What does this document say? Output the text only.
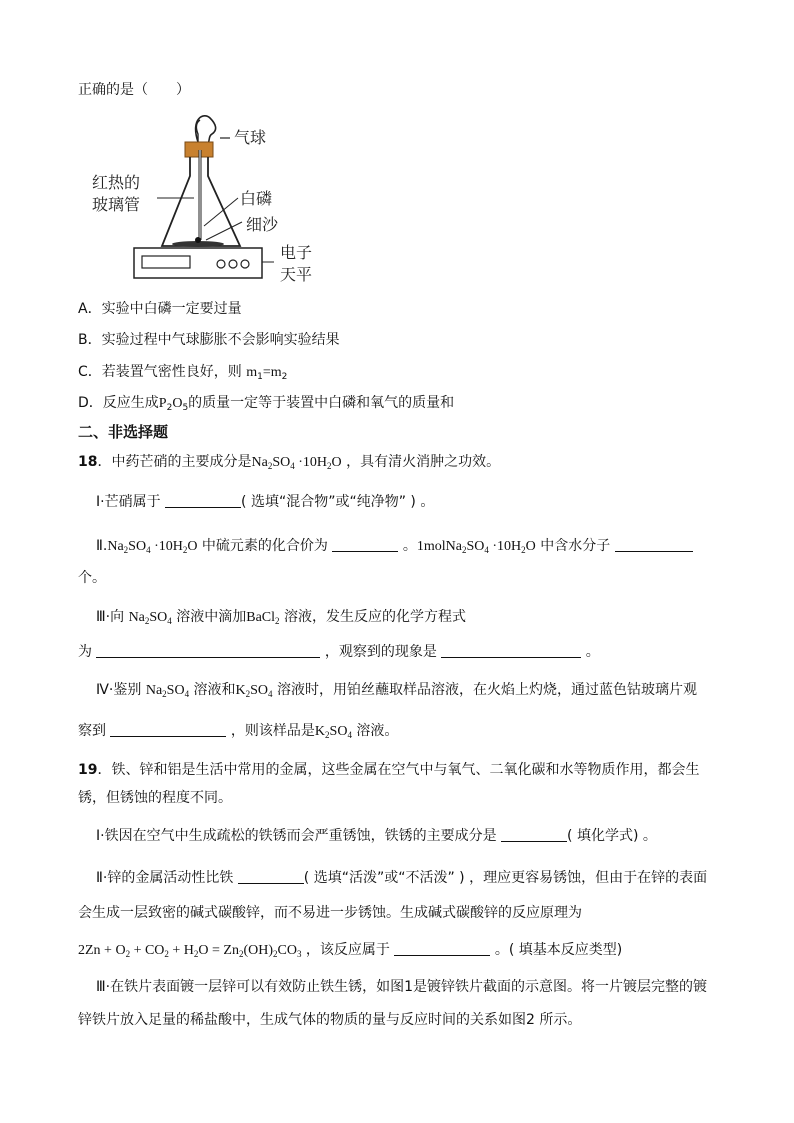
正确的是（　　）
气球
红热的
玻璃管	白磷
细沙
电子
天平
A．实验中白磷一定要过量
B．实验过程中气球膨胀不会影响实验结果
C．若装置气密性良好，则 $m_1=m_2$
D．反应生成$P_2O_5$的质量一定等于装置中白磷和氧气的质量和
二、非选择题
18．中药芒硝的主要成分是$Na_2SO_4 \cdot 10H_2O$ ，具有清火消肿之功效。
Ⅰ·芒硝属于	( 选填“混合物”或“纯净物” ) 。
$Ⅱ.Na_2SO_4 \cdot 10H_2O$ 中硫元素的化合价为	。$1molNa_2SO_4 \cdot 10H_2O$ 中含水分子
个。
Ⅲ·向 $Na_2SO_4$ 溶液中滴加BaCl$_2$ 溶液，发生反应的化学方程式
为	，观察到的现象是	。
Ⅳ·鉴别 $Na_2SO_4$ 溶液和$K_2SO_4$ 溶液时，用铂丝蘸取样品溶液，在火焰上灼烧，通过蓝色钴玻璃片观
察到	，则该样品是$K_2SO_4$ 溶液。
19．铁、锌和铝是生活中常用的金属，这些金属在空气中与氧气、二氧化碳和水等物质作用，都会生
锈，但锈蚀的程度不同。
Ⅰ·铁因在空气中生成疏松的铁锈而会严重锈蚀，铁锈的主要成分是	( 填化学式) 。
Ⅱ·锌的金属活动性比铁	( 选填“活泼”或“不活泼” ) ，理应更容易锈蚀，但由于在锌的表面
会生成一层致密的碱式碳酸锌，而不易进一步锈蚀。生成碱式碳酸锌的反应原理为
$2Zn + O_2 + CO_2 + H_2O = Zn_2(OH)_2CO_3$ ，该反应属于	。( 填基本反应类型)
Ⅲ·在铁片表面镀一层锌可以有效防止铁生锈，如图1是镀锌铁片截面的示意图。将一片镀层完整的镀
锌铁片放入足量的稀盐酸中，生成气体的物质的量与反应时间的关系如图2 所示。
